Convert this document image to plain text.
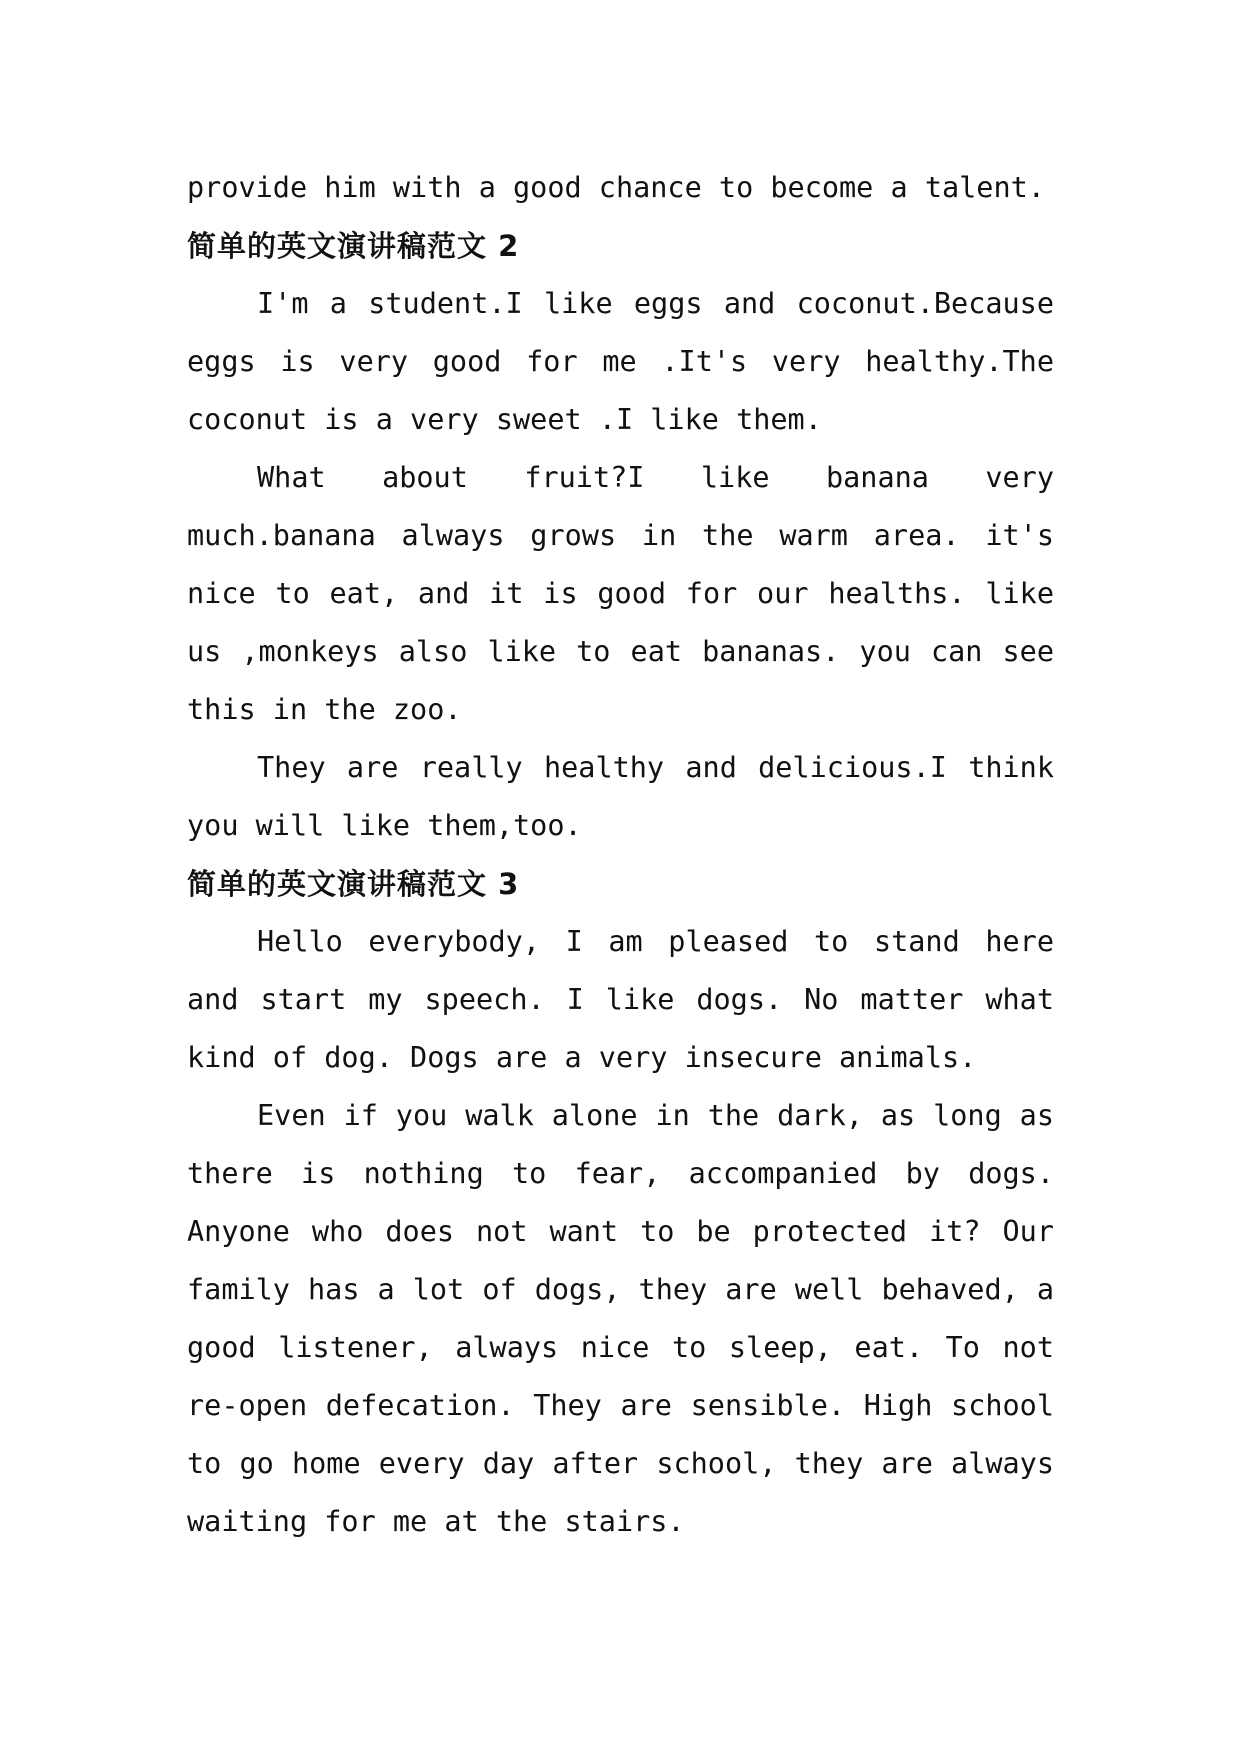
provide him with a good chance to become a talent.

简单的英文演讲稿范文 2

I'm a student.I like eggs and coconut.Because eggs is very good for me .It's very healthy.The coconut is a very sweet .I like them.

What about fruit?I like banana very much.banana always grows in the warm area. it's nice to eat, and it is good for our healths. like us ,monkeys also like to eat bananas. you can see this in the zoo.

They are really healthy and delicious.I think you will like them,too.

简单的英文演讲稿范文 3

Hello everybody, I am pleased to stand here and start my speech. I like dogs. No matter what kind of dog. Dogs are a very insecure animals.

Even if you walk alone in the dark, as long as there is nothing to fear, accompanied by dogs. Anyone who does not want to be protected it? Our family has a lot of dogs, they are well behaved, a good listener, always nice to sleep, eat. To not re-open defecation. They are sensible. High school to go home every day after school, they are always waiting for me at the stairs.
